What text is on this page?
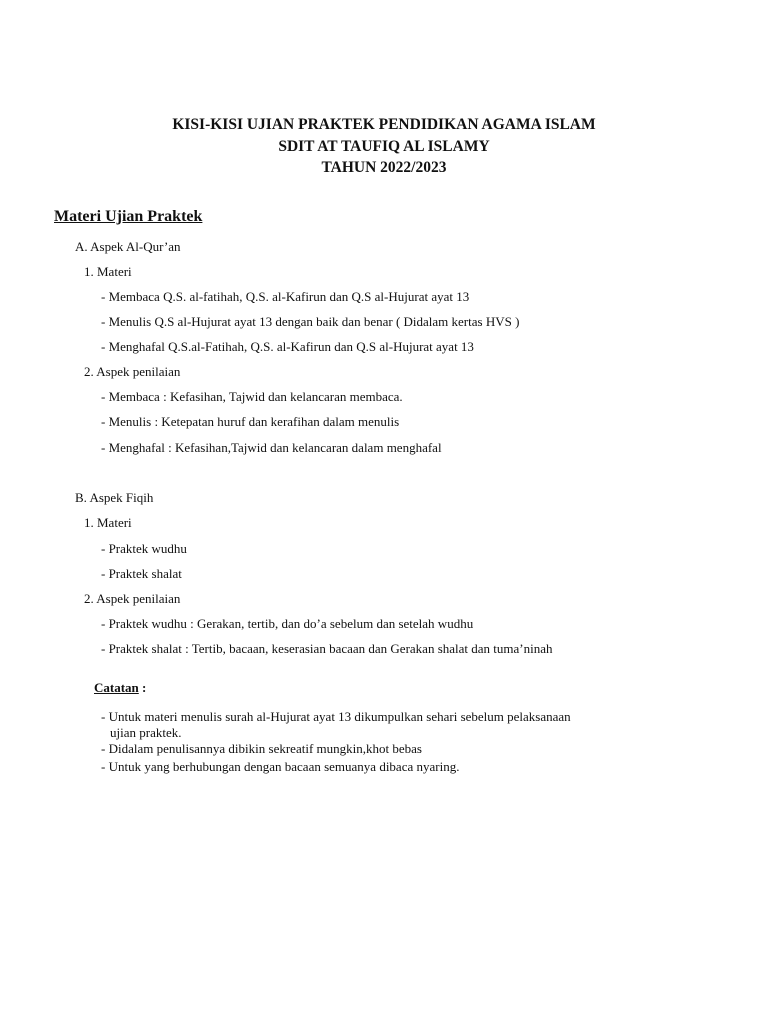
KISI-KISI UJIAN PRAKTEK PENDIDIKAN AGAMA ISLAM
SDIT AT TAUFIQ AL ISLAMY
TAHUN 2022/2023
Materi Ujian Praktek
A. Aspek Al-Qur’an
1. Materi
- Membaca Q.S. al-fatihah, Q.S. al-Kafirun dan Q.S al-Hujurat ayat 13
- Menulis Q.S al-Hujurat ayat 13 dengan baik dan benar ( Didalam kertas HVS )
- Menghafal Q.S.al-Fatihah, Q.S. al-Kafirun dan Q.S al-Hujurat ayat 13
2. Aspek penilaian
- Membaca : Kefasihan, Tajwid dan kelancaran membaca.
- Menulis : Ketepatan huruf dan kerafihan dalam menulis
- Menghafal : Kefasihan,Tajwid dan kelancaran dalam menghafal
B. Aspek Fiqih
1. Materi
- Praktek wudhu
- Praktek shalat
2. Aspek penilaian
- Praktek wudhu : Gerakan, tertib, dan do’a sebelum dan setelah wudhu
- Praktek shalat : Tertib, bacaan, keserasian bacaan dan Gerakan shalat dan tuma’ninah
Catatan :
- Untuk materi menulis surah al-Hujurat ayat 13 dikumpulkan sehari sebelum pelaksanaan
ujian praktek.
- Didalam penulisannya dibikin sekreatif mungkin,khot bebas
- Untuk yang berhubungan dengan bacaan semuanya dibaca nyaring.
